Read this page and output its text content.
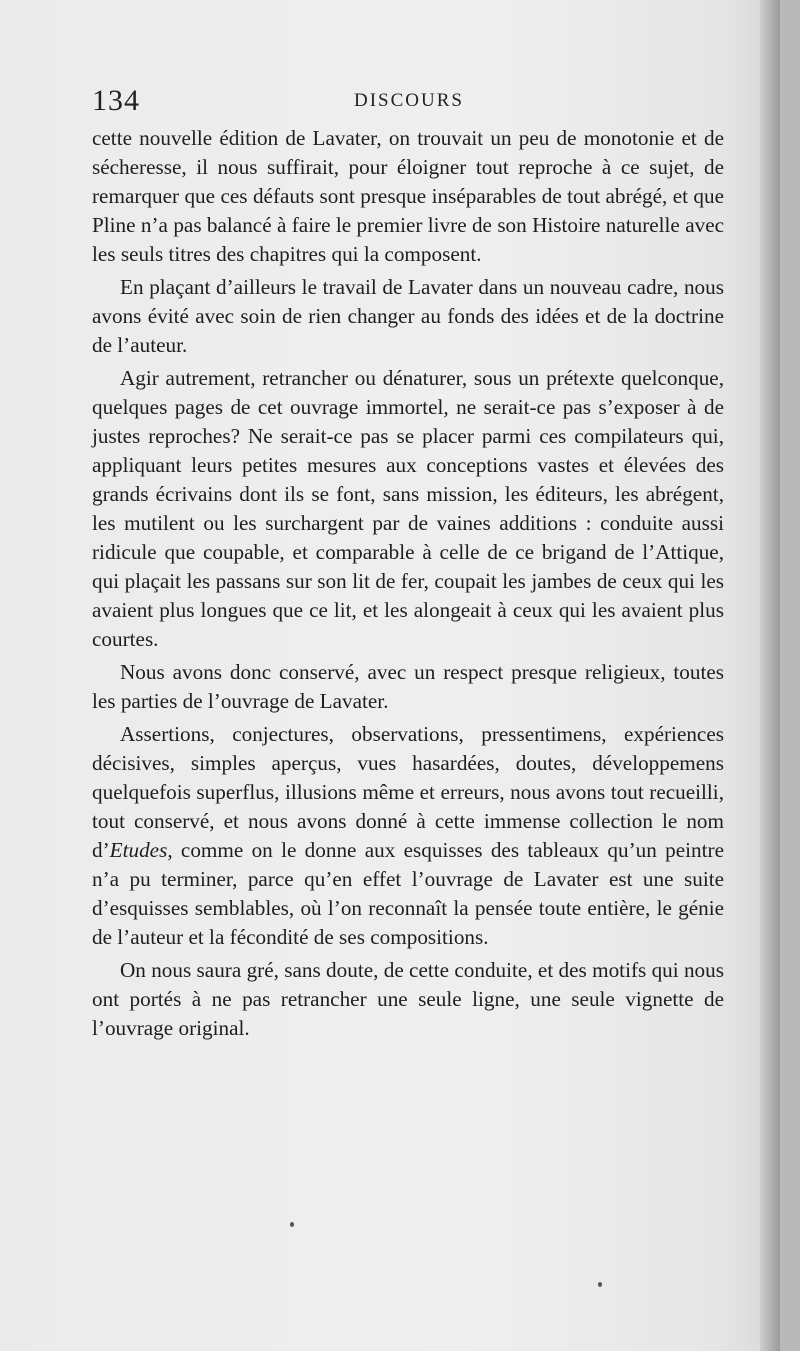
134	DISCOURS

cette nouvelle édition de Lavater, on trouvait un peu de monotonie et de sécheresse, il nous suffirait, pour éloigner tout reproche à ce sujet, de remarquer que ces défauts sont presque inséparables de tout abrégé, et que Pline n’a pas balancé à faire le premier livre de son Histoire naturelle avec les seuls titres des chapitres qui la composent.

En plaçant d’ailleurs le travail de Lavater dans un nouveau cadre, nous avons évité avec soin de rien changer au fonds des idées et de la doctrine de l’auteur.

Agir autrement, retrancher ou dénaturer, sous un prétexte quelconque, quelques pages de cet ouvrage immortel, ne serait-ce pas s’exposer à de justes reproches? Ne serait-ce pas se placer parmi ces compilateurs qui, appliquant leurs petites mesures aux conceptions vastes et élevées des grands écrivains dont ils se font, sans mission, les éditeurs, les abrégent, les mutilent ou les surchargent par de vaines additions : conduite aussi ridicule que coupable, et comparable à celle de ce brigand de l’Attique, qui plaçait les passans sur son lit de fer, coupait les jambes de ceux qui les avaient plus longues que ce lit, et les alongeait à ceux qui les avaient plus courtes.

Nous avons donc conservé, avec un respect presque religieux, toutes les parties de l’ouvrage de Lavater.

Assertions, conjectures, observations, pressentimens, expériences décisives, simples aperçus, vues hasardées, doutes, développemens quelquefois superflus, illusions même et erreurs, nous avons tout recueilli, tout conservé, et nous avons donné à cette immense collection le nom d’Etudes, comme on le donne aux esquisses des tableaux qu’un peintre n’a pu terminer, parce qu’en effet l’ouvrage de Lavater est une suite d’esquisses semblables, où l’on reconnaît la pensée toute entière, le génie de l’auteur et la fécondité de ses compositions.

On nous saura gré, sans doute, de cette conduite, et des motifs qui nous ont portés à ne pas retrancher une seule ligne, une seule vignette de l’ouvrage original.
